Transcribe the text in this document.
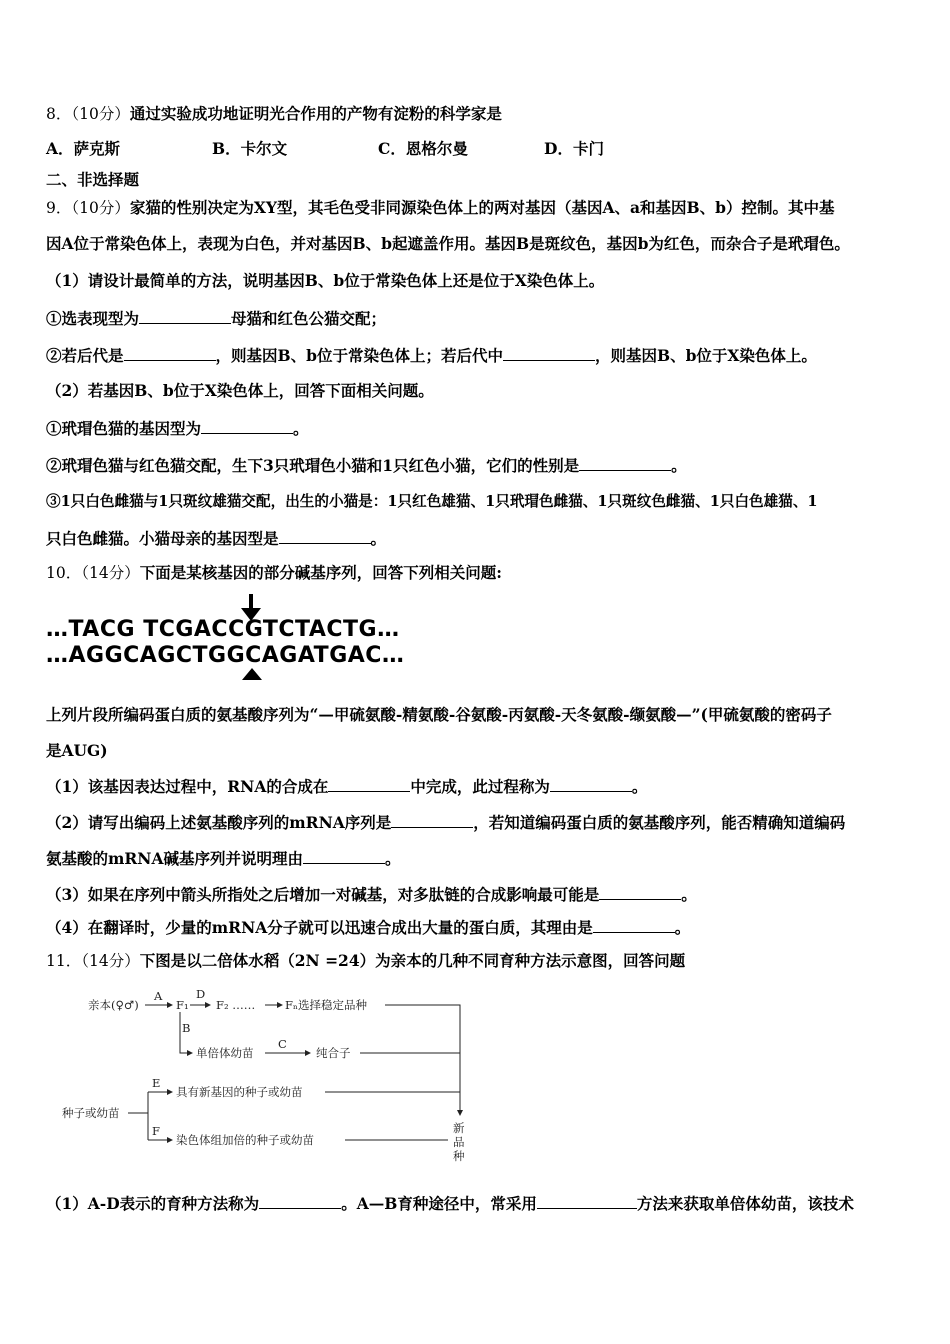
8．（10分）通过实验成功地证明光合作用的产物有淀粉的科学家是
A．萨克斯	B．卡尔文	C．恩格尔曼	D．卡门
二、非选择题
9．（10分）家猫的性别决定为XY型，其毛色受非同源染色体上的两对基因（基因A、a和基因B、b）控制。其中基
因A位于常染色体上，表现为白色，并对基因B、b起遮盖作用。基因B是斑纹色，基因b为红色，而杂合子是玳瑁色。
（1）请设计最简单的方法，说明基因B、b位于常染色体上还是位于X染色体上。
①选表现型为	母猫和红色公猫交配；
②若后代是	，则基因B、b位于常染色体上；若后代中	，则基因B、b位于X染色体上。
（2）若基因B、b位于X染色体上，回答下面相关问题。
①玳瑁色猫的基因型为	。
②玳瑁色猫与红色猫交配，生下3只玳瑁色小猫和1只红色小猫，它们的性别是	。
③1只白色雌猫与1只斑纹雄猫交配，出生的小猫是：1只红色雄猫、1只玳瑁色雌猫、1只斑纹色雌猫、1只白色雄猫、1
只白色雌猫。小猫母亲的基因型是	。
10．（14分）下面是某核基因的部分碱基序列，回答下列相关问题:
…TACG TCGACCGTCTACTG…
…AGGCAGCTGGCAGATGAC…
上列片段所编码蛋白质的氨基酸序列为“—甲硫氨酸-精氨酸-谷氨酸-丙氨酸-天冬氨酸-缬氨酸—”(甲硫氨酸的密码子
是AUG)
（1）该基因表达过程中，RNA的合成在	中完成，此过程称为	。
（2）请写出编码上述氨基酸序列的mRNA序列是	，若知道编码蛋白质的氨基酸序列，能否精确知道编码
氨基酸的mRNA碱基序列并说明理由	。
（3）如果在序列中箭头所指处之后增加一对碱基，对多肽链的合成影响最可能是	。
（4）在翻译时，少量的mRNA分子就可以迅速合成出大量的蛋白质，其理由是	。
11．（14分）下图是以二倍体水稻（2N =24）为亲本的几种不同育种方法示意图，回答问题
亲本(♀♂)
A
F₁
D
F₂ ……	Fₙ选择稳定品种
B
单倍体幼苗
C
纯合子
种子或幼苗
E
具有新基因的种子或幼苗
F
染色体组加倍的种子或幼苗
新
品
种
（1）A-D表示的育种方法称为	。A—B育种途径中，常采用	方法来获取单倍体幼苗，该技术
